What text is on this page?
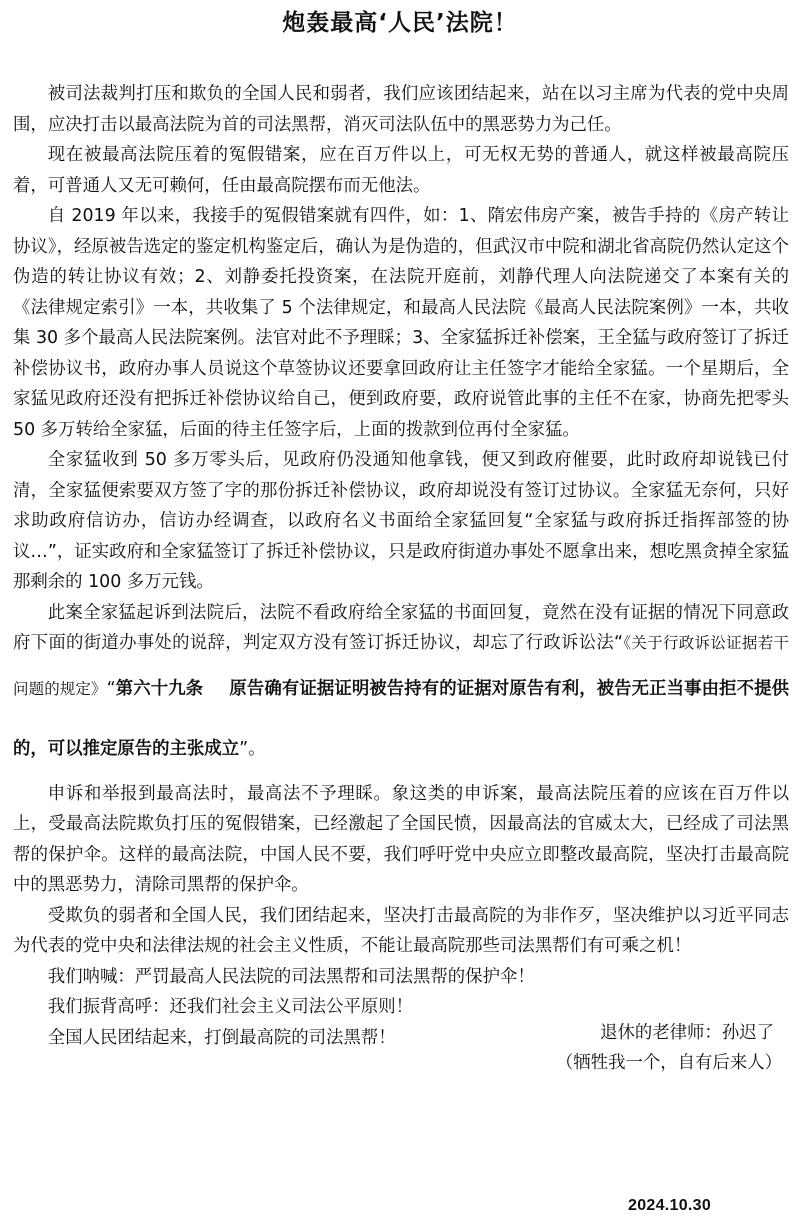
炮轰最高‘人民’法院！

被司法裁判打压和欺负的全国人民和弱者，我们应该团结起来，站在以习主席为代表的党中央周围，应决打击以最高法院为首的司法黑帮，消灭司法队伍中的黑恶势力为己任。

现在被最高法院压着的冤假错案，应在百万件以上，可无权无势的普通人，就这样被最高院压着，可普通人又无可赖何，任由最高院摆布而无他法。

自 2019 年以来，我接手的冤假错案就有四件，如：1、隋宏伟房产案，被告手持的《房产转让协议》，经原被告选定的鉴定机构鉴定后，确认为是伪造的，但武汉市中院和湖北省高院仍然认定这个伪造的转让协议有效；2、刘静委托投资案，在法院开庭前，刘静代理人向法院递交了本案有关的《法律规定索引》一本，共收集了 5 个法律规定，和最高人民法院《最高人民法院案例》一本，共收集 30 多个最高人民法院案例。法官对此不予理睬；3、全家猛拆迁补偿案，王全猛与政府签订了拆迁补偿协议书，政府办事人员说这个草签协议还要拿回政府让主任签字才能给全家猛。一个星期后，全家猛见政府还没有把拆迁补偿协议给自己，便到政府要，政府说管此事的主任不在家，协商先把零头 50 多万转给全家猛，后面的待主任签字后，上面的拨款到位再付全家猛。

全家猛收到 50 多万零头后，见政府仍没通知他拿钱，便又到政府催要，此时政府却说钱已付清，全家猛便索要双方签了字的那份拆迁补偿协议，政府却说没有签订过协议。全家猛无奈何，只好求助政府信访办，信访办经调查，以政府名义书面给全家猛回复“全家猛与政府拆迁指挥部签的协议…”，证实政府和全家猛签订了拆迁补偿协议，只是政府街道办事处不愿拿出来，想吃黑贪掉全家猛那剩余的 100 多万元钱。

此案全家猛起诉到法院后，法院不看政府给全家猛的书面回复，竟然在没有证据的情况下同意政府下面的街道办事处的说辞，判定双方没有签订拆迁协议，却忘了行政诉讼法“《关于行政诉讼证据若干问题的规定》“第六十九条 原告确有证据证明被告持有的证据对原告有利，被告无正当事由拒不提供的，可以推定原告的主张成立”。

申诉和举报到最高法时，最高法不予理睬。象这类的申诉案，最高法院压着的应该在百万件以上，受最高法院欺负打压的冤假错案，已经激起了全国民愤，因最高法的官威太大，已经成了司法黑帮的保护伞。这样的最高法院，中国人民不要，我们呼吁党中央应立即整改最高院，坚决打击最高院中的黑恶势力，清除司黑帮的保护伞。

受欺负的弱者和全国人民，我们团结起来，坚决打击最高院的为非作歹，坚决维护以习近平同志为代表的党中央和法律法规的社会主义性质，不能让最高院那些司法黑帮们有可乘之机！

我们呐喊：严罚最高人民法院的司法黑帮和司法黑帮的保护伞！

我们振背高呼：还我们社会主义司法公平原则！

全国人民团结起来，打倒最高院的司法黑帮！	退休的老律师：孙迟了
（牺牲我一个，自有后来人）
2024.10.30
